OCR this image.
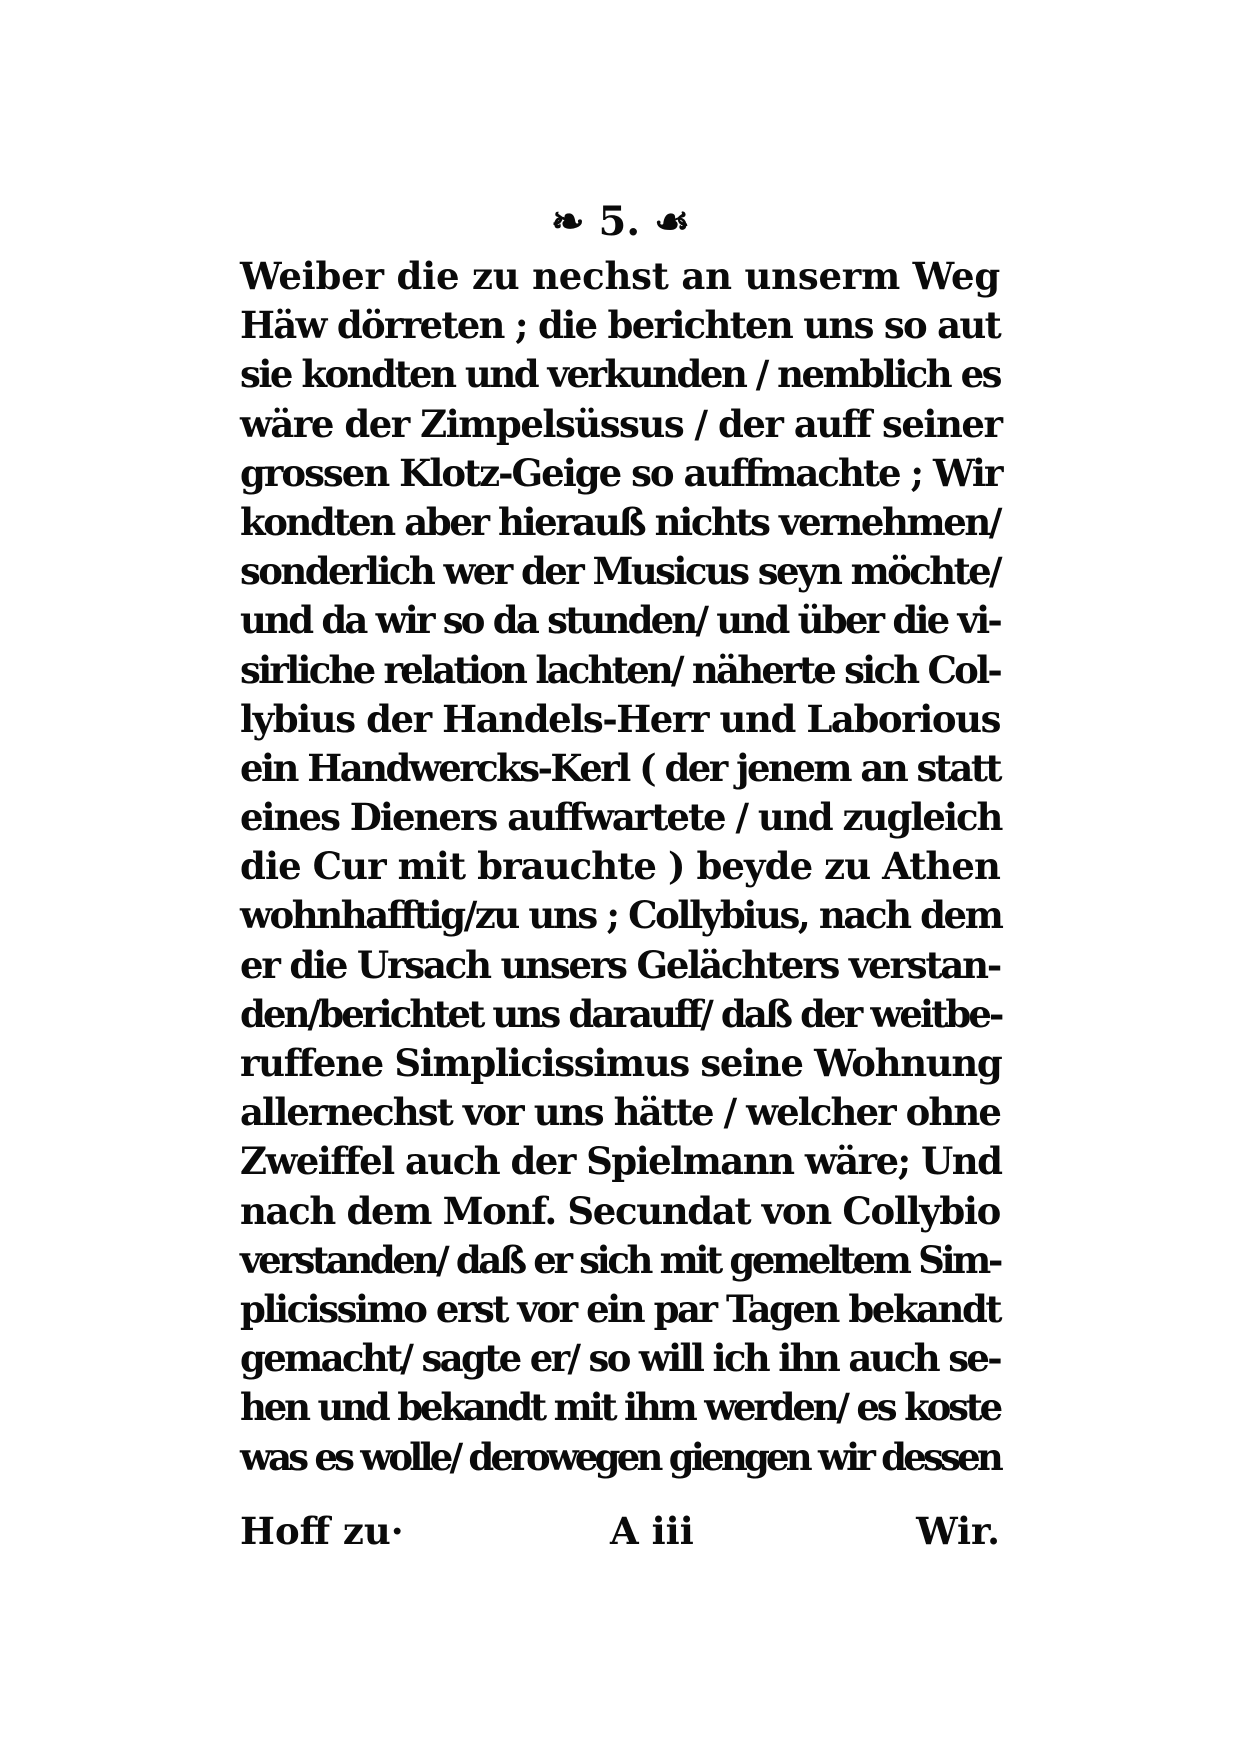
❧ 5. ☙
Weiber die zu nechst an unserm Weg
Häw dörreten ; die berichten uns so aut
sie kondten und verkunden / nemblich es
wäre der Zimpelsüssus / der auff seiner
grossen Klotz-Geige so auffmachte ; Wir
kondten aber hierauß nichts vernehmen/
sonderlich wer der Musicus seyn möchte/
und da wir so da stunden/ und über die vi-
sirliche relation lachten/ näherte sich Col-
lybius der Handels-Herr und Laborious
ein Handwercks-Kerl ( der jenem an statt
eines Dieners auffwartete / und zugleich
die Cur mit brauchte ) beyde zu Athen
wohnhafftig/zu uns ; Collybius, nach dem
er die Ursach unsers Gelächters verstan-
den/berichtet uns darauff/ daß der weitbe-
ruffene Simplicissimus seine Wohnung
allernechst vor uns hätte / welcher ohne
Zweiffel auch der Spielmann wäre; Und
nach dem Monf. Secundat von Collybio
verstanden/ daß er sich mit gemeltem Sim-
plicissimo erst vor ein par Tagen bekandt
gemacht/ sagte er/ so will ich ihn auch se-
hen und bekandt mit ihm werden/ es koste
was es wolle/ derowegen giengen wir dessen
Hoff zu·	A iii	Wir.
